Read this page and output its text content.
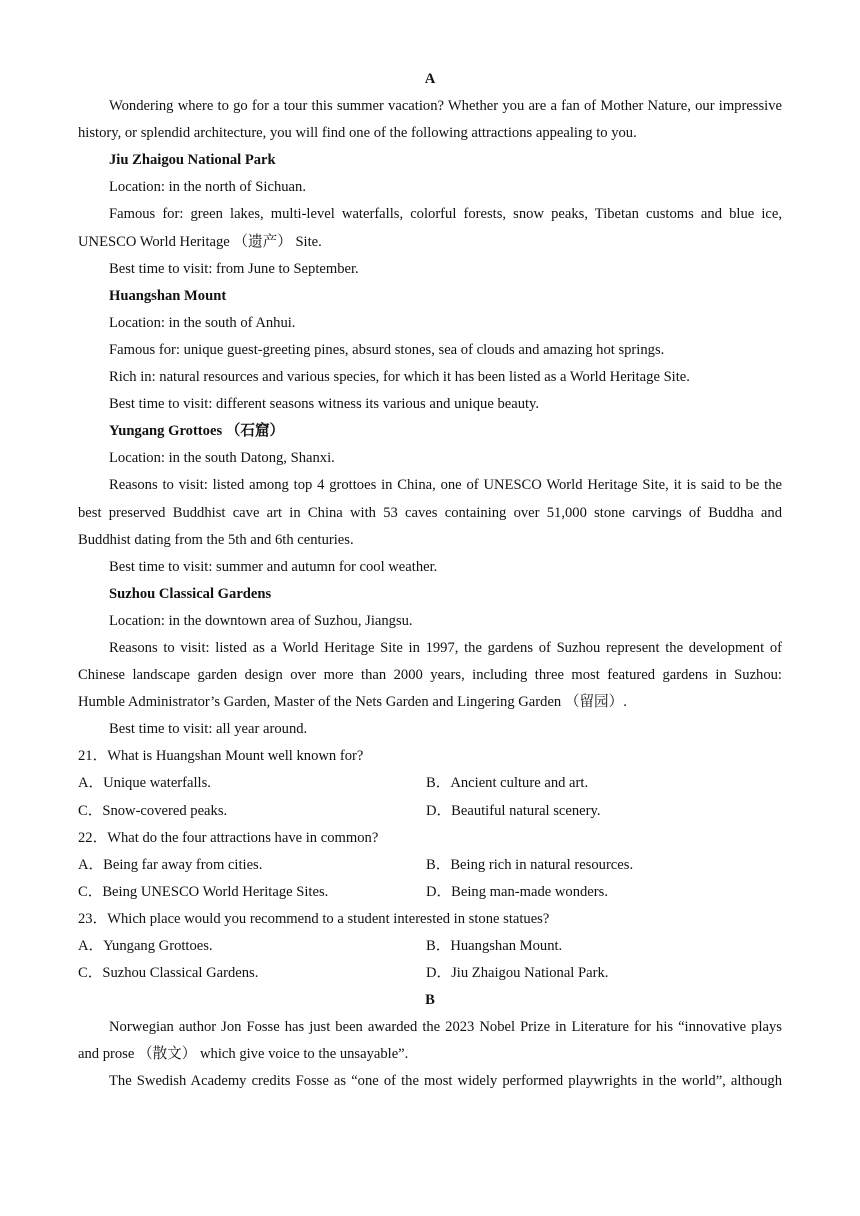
A
Wondering where to go for a tour this summer vacation? Whether you are a fan of Mother Nature, our impressive
history, or splendid architecture, you will find one of the following attractions appealing to you.
Jiu Zhaigou National Park
Location: in the north of Sichuan.
Famous for: green lakes, multi-level waterfalls, colorful forests, snow peaks, Tibetan customs and blue ice,
UNESCO World Heritage （遗产） Site.
Best time to visit: from June to September.
Huangshan Mount
Location: in the south of Anhui.
Famous for: unique guest-greeting pines, absurd stones, sea of clouds and amazing hot springs.
Rich in: natural resources and various species, for which it has been listed as a World Heritage Site.
Best time to visit: different seasons witness its various and unique beauty.
Yungang Grottoes （石窟）
Location: in the south Datong, Shanxi.
Reasons to visit: listed among top 4 grottoes in China, one of UNESCO World Heritage Site, it is said to be the
best preserved Buddhist cave art in China with 53 caves containing over 51,000 stone carvings of Buddha and
Buddhist dating from the 5th and 6th centuries.
Best time to visit: summer and autumn for cool weather.
Suzhou Classical Gardens
Location: in the downtown area of Suzhou, Jiangsu.
Reasons to visit: listed as a World Heritage Site in 1997, the gardens of Suzhou represent the development of
Chinese landscape garden design over more than 2000 years, including three most featured gardens in Suzhou:
Humble Administrator’s Garden, Master of the Nets Garden and Lingering Garden （留园）.
Best time to visit: all year around.
21．What is Huangshan Mount well known for?
A．Unique waterfalls.	B．Ancient culture and art.
C．Snow-covered peaks.	D．Beautiful natural scenery.
22．What do the four attractions have in common?
A．Being far away from cities.	B．Being rich in natural resources.
C．Being UNESCO World Heritage Sites.	D．Being man-made wonders.
23．Which place would you recommend to a student interested in stone statues?
A．Yungang Grottoes.	B．Huangshan Mount.
C．Suzhou Classical Gardens.	D．Jiu Zhaigou National Park.
B
Norwegian author Jon Fosse has just been awarded the 2023 Nobel Prize in Literature for his “innovative plays
and prose （散文） which give voice to the unsayable”.
The Swedish Academy credits Fosse as “one of the most widely performed playwrights in the world”, although
